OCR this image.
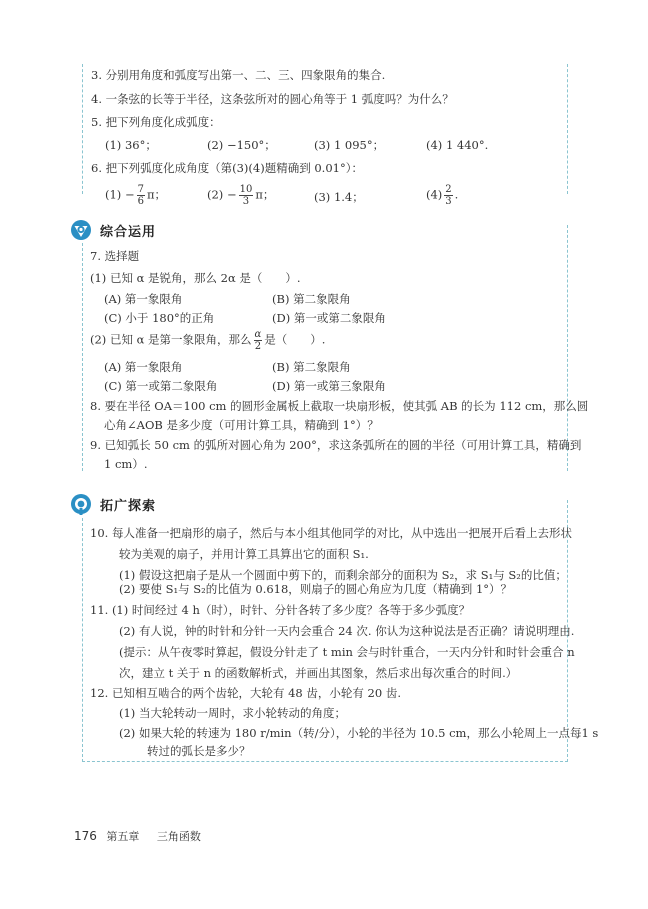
3. 分别用角度和弧度写出第一、二、三、四象限角的集合.
4. 一条弦的长等于半径，这条弦所对的圆心角等于 1 弧度吗？为什么？
5. 把下列角度化成弧度：
(1) 36°；	(2) −150°；	(3) 1 095°；	(4) 1 440°.
6. 把下列弧度化成角度（第(3)(4)题精确到 0.01°）：
$(1) - \frac{7}{6}$ π；	$(2) - \frac{10}{3}$ π；	(3) 1.4；	$(4) \frac{2}{3}$ .
综合运用
7. 选择题
(1) 已知 α 是锐角，那么 2α 是（　　）.
(A) 第一象限角	(B) 第二象限角
(C) 小于 180°的正角	(D) 第一或第二象限角
(2) 已知 α 是第一象限角，那么 $\frac{\alpha}{2}$ 是（　　）.
(A) 第一象限角	(B) 第二象限角
(C) 第一或第二象限角	(D) 第一或第三象限角
8. 要在半径 OA＝100 cm 的圆形金属板上截取一块扇形板，使其弧 AB 的长为 112 cm，那么圆
心角∠AOB 是多少度（可用计算工具，精确到 1°）？
9. 已知弧长 50 cm 的弧所对圆心角为 200°，求这条弧所在的圆的半径（可用计算工具，精确到
1 cm）.
拓广探索
10. 每人准备一把扇形的扇子，然后与本小组其他同学的对比，从中选出一把展开后看上去形状
较为美观的扇子，并用计算工具算出它的面积 S₁.
(1) 假设这把扇子是从一个圆面中剪下的，而剩余部分的面积为 S₂，求 S₁与 S₂的比值；
(2) 要使 S₁与 S₂的比值为 0.618，则扇子的圆心角应为几度（精确到 1°）？
11. (1) 时间经过 4 h（时），时针、分针各转了多少度？各等于多少弧度？
(2) 有人说，钟的时针和分针一天内会重合 24 次. 你认为这种说法是否正确？请说明理由.
(提示：从午夜零时算起，假设分针走了 t min 会与时针重合，一天内分针和时针会重合 n
次，建立 t 关于 n 的函数解析式，并画出其图象，然后求出每次重合的时间.）
12. 已知相互啮合的两个齿轮，大轮有 48 齿，小轮有 20 齿.
(1) 当大轮转动一周时，求小轮转动的角度；
(2) 如果大轮的转速为 180 r/min（转/分），小轮的半径为 10.5 cm，那么小轮周上一点每1 s
转过的弧长是多少？
176 第五章 三角函数
